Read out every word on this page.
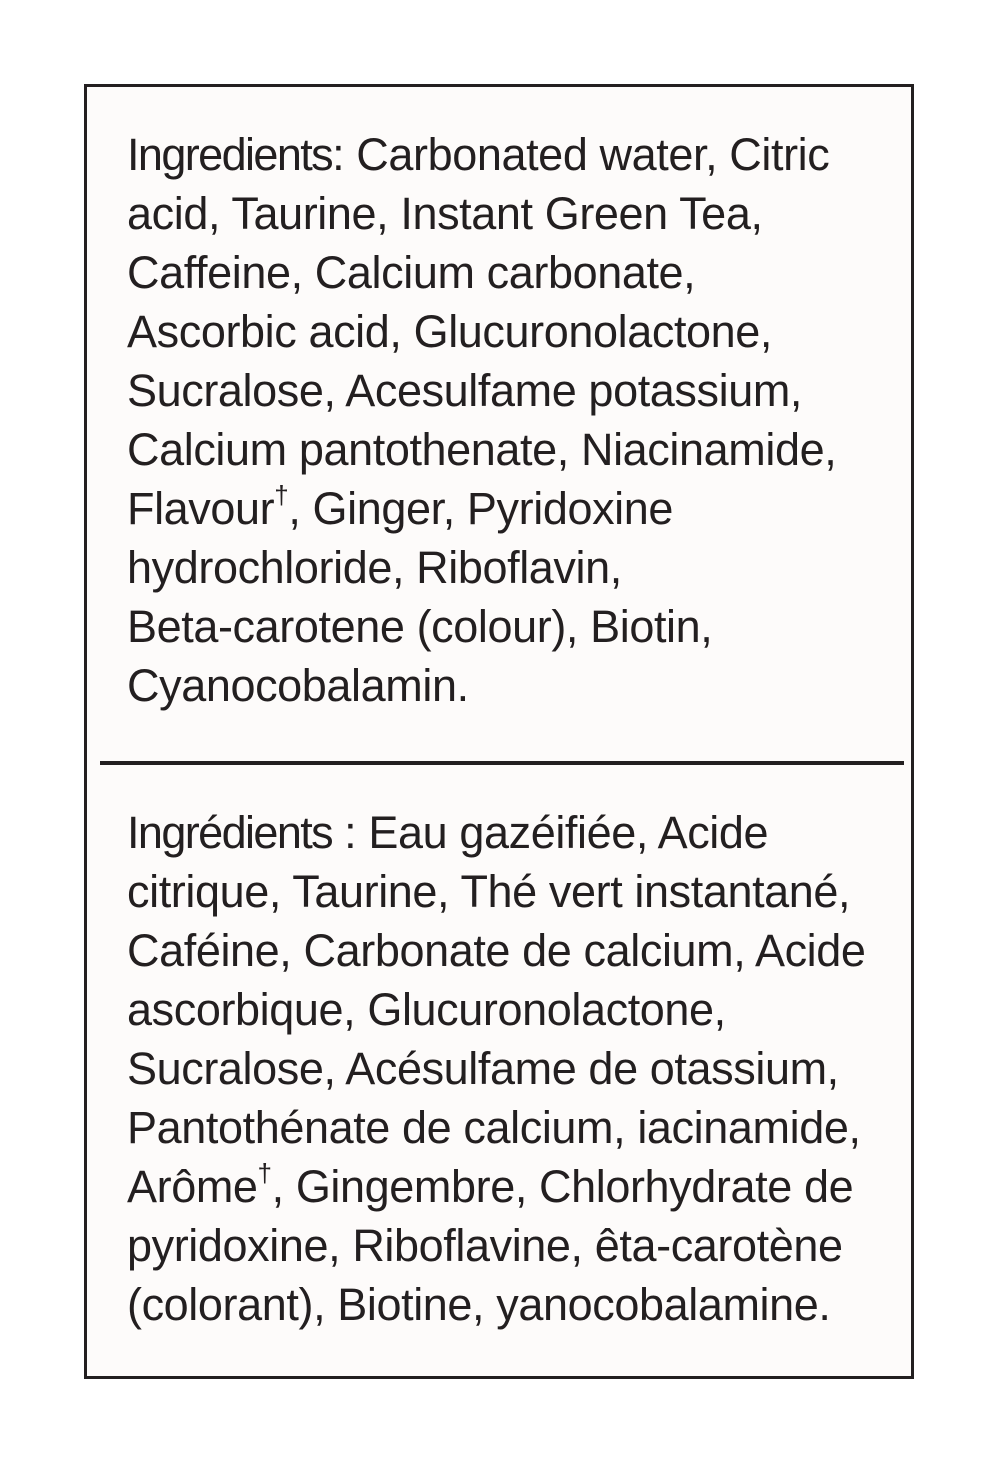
Ingredients: Carbonated water, Citric
acid, Taurine, Instant Green Tea,
Caffeine, Calcium carbonate,
Ascorbic acid, Glucuronolactone,
Sucralose, Acesulfame potassium,
Calcium pantothenate, Niacinamide,
Flavour†, Ginger, Pyridoxine
hydrochloride, Riboflavin,
Beta-carotene (colour), Biotin,
Cyanocobalamin.
Ingrédients : Eau gazéifiée, Acide
citrique, Taurine, Thé vert instantané,
Caféine, Carbonate de calcium, Acide
ascorbique, Glucuronolactone,
Sucralose, Acésulfame de otassium,
Pantothénate de calcium, iacinamide,
Arôme†, Gingembre, Chlorhydrate de
pyridoxine, Riboflavine, êta-carotène
(colorant), Biotine, yanocobalamine.
